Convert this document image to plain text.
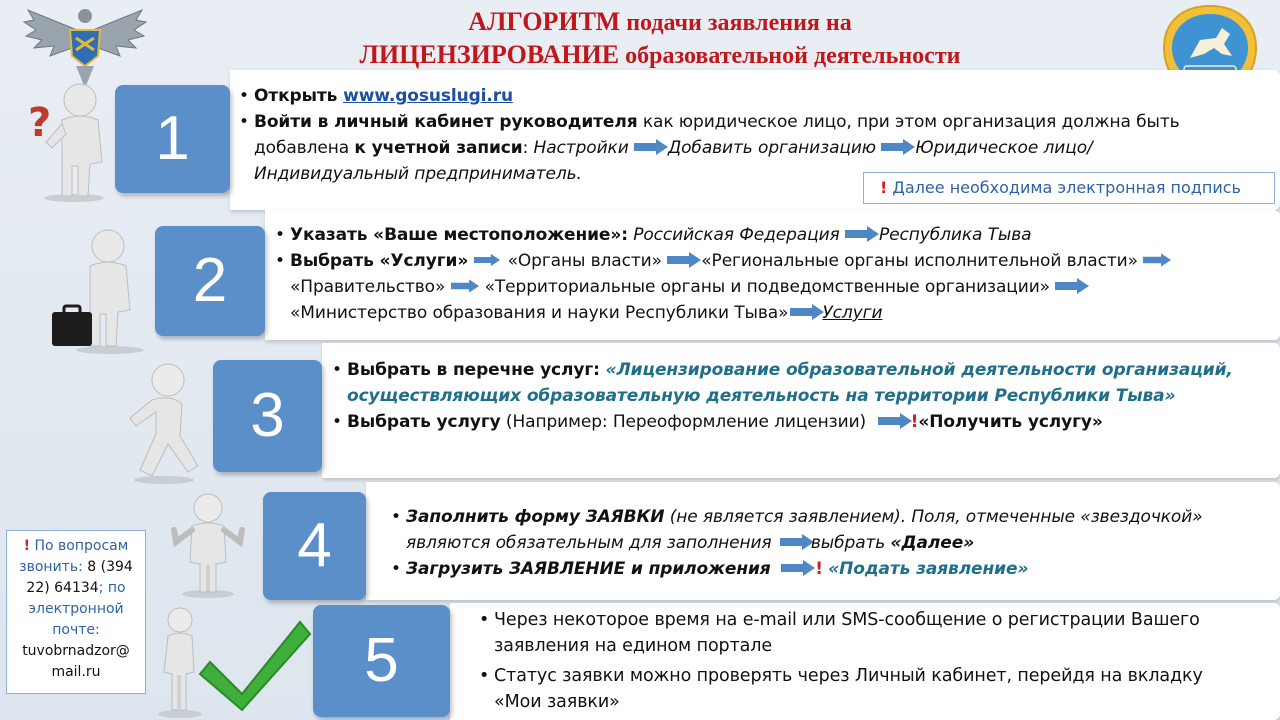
АЛГОРИТМ подачи заявления на
ЛИЦЕНЗИРОВАНИЕ образовательной деятельности
?	1
• Открыть www.gosuslugi.ru
• Войти в личный кабинет руководителя как юридическое лицо, при этом организация должна быть добавлена к учетной записи: Настройки Добавить организацию Юридическое лицо/Индивидуальный предприниматель.
! Далее необходима электронная подпись
2
• Указать «Ваше местоположение»: Российская Федерация Республика Тыва
• Выбрать «Услуги» «Органы власти» «Региональные органы исполнительной власти»

«Правительство» «Территориальные органы и подведомственные организации»

«Министерство образования и науки Республики Тыва» Услуги
3
• Выбрать в перечне услуг: «Лицензирование образовательной деятельности организаций, осуществляющих образовательную деятельность на территории Республики Тыва»
• Выбрать услугу (Например: Переоформление лицензии)	!«Получить услугу»
4
•	Заполнить форму ЗАЯВКИ (не является заявлением). Поля, отмеченные «звездочкой» являются обязательным для заполнения выбрать «Далее»
• Загрузить ЗАЯВЛЕНИЕ и приложения	! «Подать заявление»
5
• Через некоторое время на e-mail или SMS-сообщение о регистрации Вашего заявления на едином портале
• Статус заявки можно проверять через Личный кабинет, перейдя на вкладку «Мои заявки»
! По вопросам звонить: 8 (394 22) 64134; по электронной почте:
tuvobrnadzor@ mail.ru
